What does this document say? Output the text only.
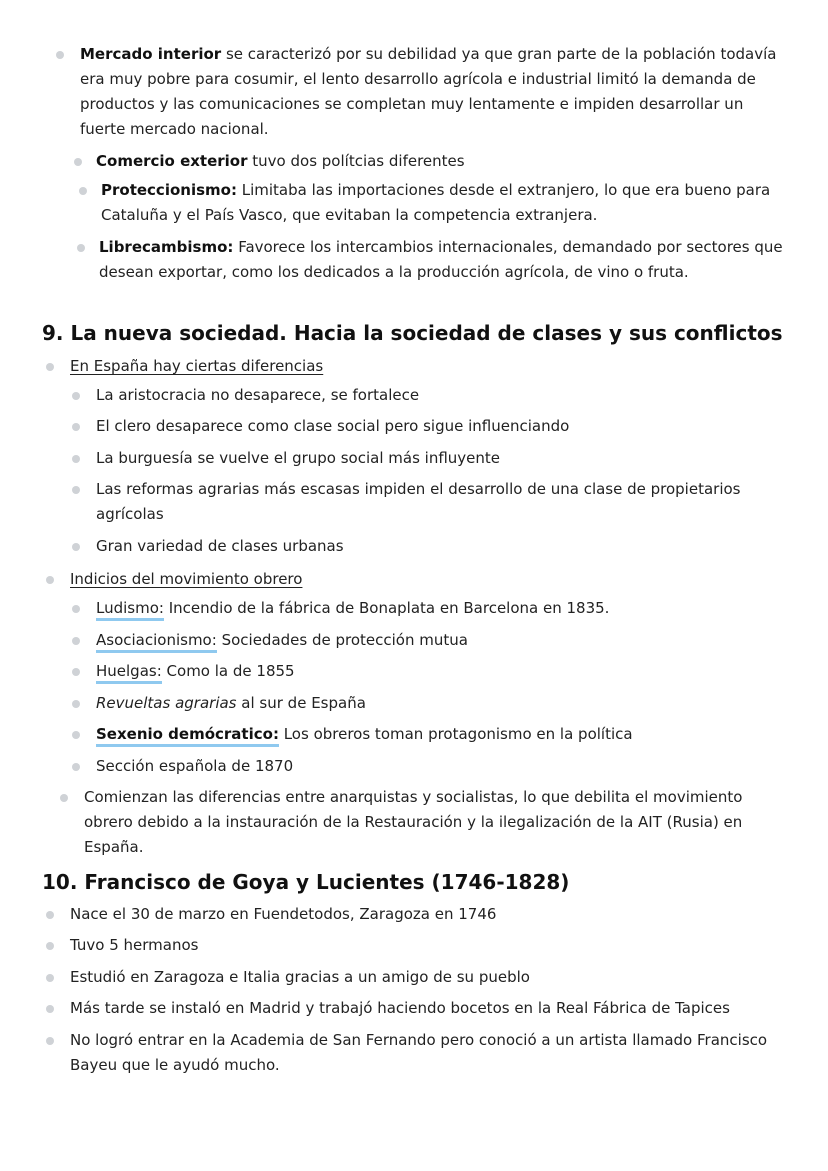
Mercado interior se caracterizó por su debilidad ya que gran parte de la población todavía era muy pobre para cosumir, el lento desarrollo agrícola e industrial limitó la demanda de productos y las comunicaciones se completan muy lentamente e impiden desarrollar un fuerte mercado nacional.
Comercio exterior tuvo dos polítcias diferentes
Proteccionismo: Limitaba las importaciones desde el extranjero, lo que era bueno para Cataluña y el País Vasco, que evitaban la competencia extranjera.
Librecambismo: Favorece los intercambios internacionales, demandado por sectores que desean exportar, como los dedicados a la producción agrícola, de vino o fruta.
9. La nueva sociedad. Hacia la sociedad de clases y sus conflictos
En España hay ciertas diferencias
La aristocracia no desaparece, se fortalece
El clero desaparece como clase social pero sigue influenciando
La burguesía se vuelve el grupo social más influyente
Las reformas agrarias más escasas impiden el desarrollo de una clase de propietarios agrícolas
Gran variedad de clases urbanas
Indicios del movimiento obrero
Ludismo: Incendio de la fábrica de Bonaplata en Barcelona en 1835.
Asociacionismo: Sociedades de protección mutua
Huelgas: Como la de 1855
Revueltas agrarias al sur de España
Sexenio demócratico: Los obreros toman protagonismo en la política
Sección española de 1870
Comienzan las diferencias entre anarquistas y socialistas, lo que debilita el movimiento obrero debido a la instauración de la Restauración y la ilegalización de la AIT (Rusia) en España.
10. Francisco de Goya y Lucientes (1746-1828)
Nace el 30 de marzo en Fuendetodos, Zaragoza en 1746
Tuvo 5 hermanos
Estudió en Zaragoza e Italia gracias a un amigo de su pueblo
Más tarde se instaló en Madrid y trabajó haciendo bocetos en la Real Fábrica de Tapices
No logró entrar en la Academia de San Fernando pero conoció a un artista llamado Francisco Bayeu que le ayudó mucho.
